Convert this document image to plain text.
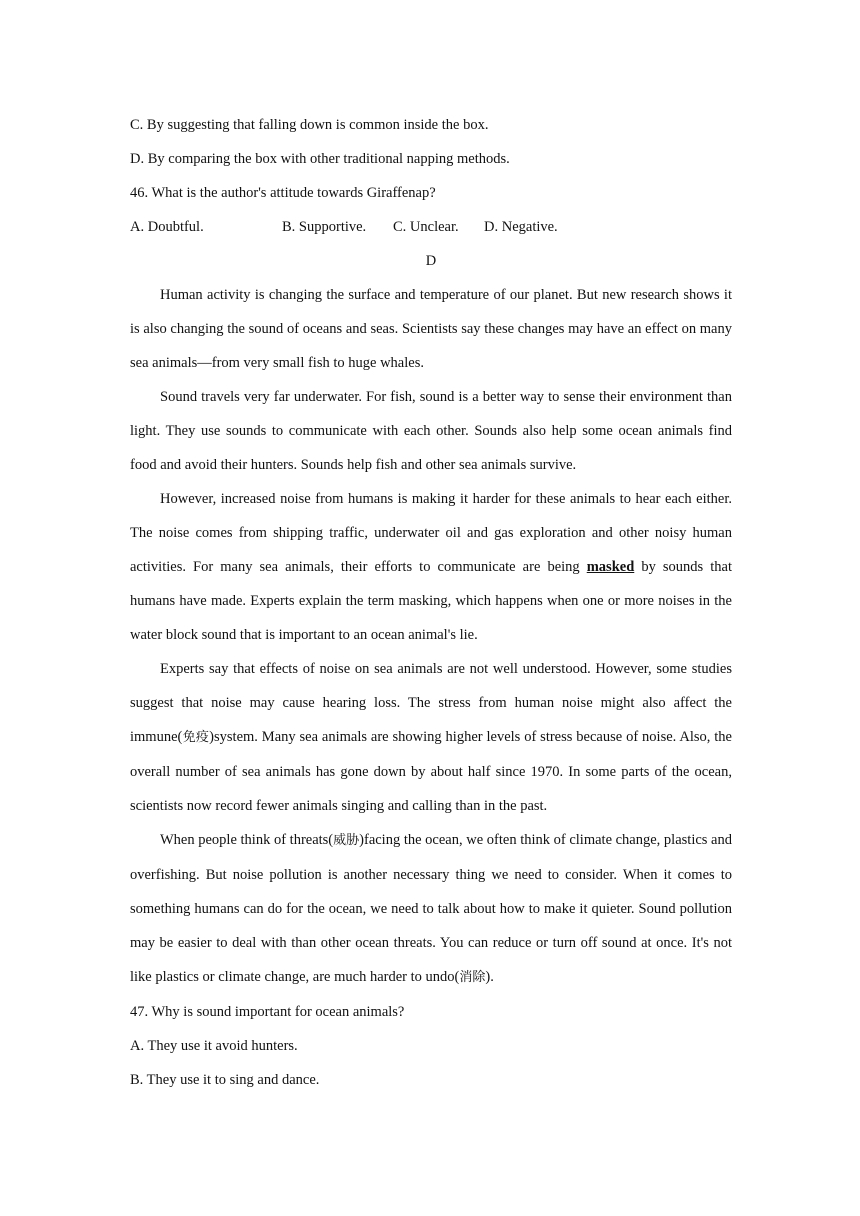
C. By suggesting that falling down is common inside the box.

D. By comparing the box with other traditional napping methods.

46. What is the author's attitude towards Giraffenap?

A. Doubtful.	B. Supportive.	C. Unclear.	D. Negative.

D

Human activity is changing the surface and temperature of our planet. But new research shows it is also changing the sound of oceans and seas. Scientists say these changes may have an effect on many sea animals—from very small fish to huge whales.

Sound travels very far underwater. For fish, sound is a better way to sense their environment than light. They use sounds to communicate with each other. Sounds also help some ocean animals find food and avoid their hunters. Sounds help fish and other sea animals survive.

However, increased noise from humans is making it harder for these animals to hear each either. The noise comes from shipping traffic, underwater oil and gas exploration and other noisy human activities. For many sea animals, their efforts to communicate are being masked by sounds that humans have made. Experts explain the term masking, which happens when one or more noises in the water block sound that is important to an ocean animal's lie.

Experts say that effects of noise on sea animals are not well understood. However, some studies suggest that noise may cause hearing loss. The stress from human noise might also affect the immune(免疫)system. Many sea animals are showing higher levels of stress because of noise. Also, the overall number of sea animals has gone down by about half since 1970. In some parts of the ocean, scientists now record fewer animals singing and calling than in the past.

When people think of threats(威胁)facing the ocean, we often think of climate change, plastics and overfishing. But noise pollution is another necessary thing we need to consider. When it comes to something humans can do for the ocean, we need to talk about how to make it quieter. Sound pollution may be easier to deal with than other ocean threats. You can reduce or turn off sound at once. It's not like plastics or climate change, are much harder to undo(消除).

47. Why is sound important for ocean animals?

A. They use it avoid hunters.

B. They use it to sing and dance.
